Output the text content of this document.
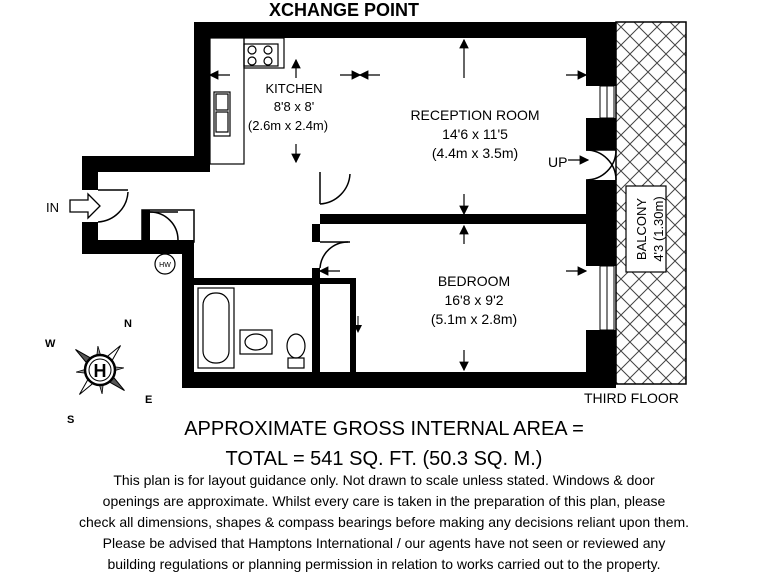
XCHANGE POINT
IN
HW
KITCHEN
8'8 x 8'
(2.6m x 2.4m)
RECEPTION ROOM
14'6 x 11'5
(4.4m x 3.5m)
BEDROOM
16'8 x 9'2
(5.1m x 2.8m)
UP
BALCONY 4'3 (1.30m)
THIRD FLOOR
H
N
W
E
S	APPROXIMATE GROSS INTERNAL AREA =
TOTAL = 541 SQ. FT. (50.3 SQ. M.)
This plan is for layout guidance only. Not drawn to scale unless stated. Windows & door
openings are approximate. Whilst every care is taken in the preparation of this plan, please
check all dimensions, shapes & compass bearings before making any decisions reliant upon them.
Please be advised that Hamptons International / our agents have not seen or reviewed any
building regulations or planning permission in relation to works carried out to the property.
